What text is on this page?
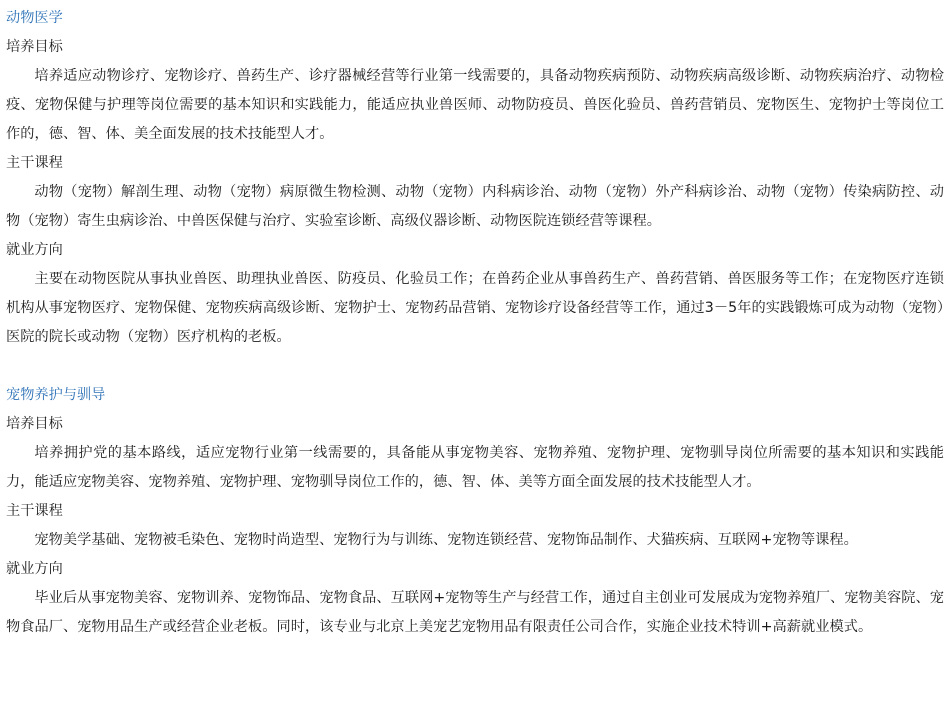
动物医学
培养目标

培养适应动物诊疗、宠物诊疗、兽药生产、诊疗器械经营等行业第一线需要的，具备动物疾病预防、动物疾病高级诊断、动物疾病治疗、动物检疫、宠物保健与护理等岗位需要的基本知识和实践能力，能适应执业兽医师、动物防疫员、兽医化验员、兽药营销员、宠物医生、宠物护士等岗位工作的，德、智、体、美全面发展的技术技能型人才。

主干课程

动物（宠物）解剖生理、动物（宠物）病原微生物检测、动物（宠物）内科病诊治、动物（宠物）外产科病诊治、动物（宠物）传染病防控、动物（宠物）寄生虫病诊治、中兽医保健与治疗、实验室诊断、高级仪器诊断、动物医院连锁经营等课程。

就业方向

主要在动物医院从事执业兽医、助理执业兽医、防疫员、化验员工作；在兽药企业从事兽药生产、兽药营销、兽医服务等工作；在宠物医疗连锁机构从事宠物医疗、宠物保健、宠物疾病高级诊断、宠物护士、宠物药品营销、宠物诊疗设备经营等工作，通过3－5年的实践锻炼可成为动物（宠物）医院的院长或动物（宠物）医疗机构的老板。

宠物养护与驯导
培养目标

培养拥护党的基本路线，适应宠物行业第一线需要的，具备能从事宠物美容、宠物养殖、宠物护理、宠物驯导岗位所需要的基本知识和实践能力，能适应宠物美容、宠物养殖、宠物护理、宠物驯导岗位工作的，德、智、体、美等方面全面发展的技术技能型人才。

主干课程

宠物美学基础、宠物被毛染色、宠物时尚造型、宠物行为与训练、宠物连锁经营、宠物饰品制作、犬猫疾病、互联网+宠物等课程。

就业方向

毕业后从事宠物美容、宠物训养、宠物饰品、宠物食品、互联网+宠物等生产与经营工作，通过自主创业可发展成为宠物养殖厂、宠物美容院、宠物食品厂、宠物用品生产或经营企业老板。同时，该专业与北京上美宠艺宠物用品有限责任公司合作，实施企业技术特训+高薪就业模式。
